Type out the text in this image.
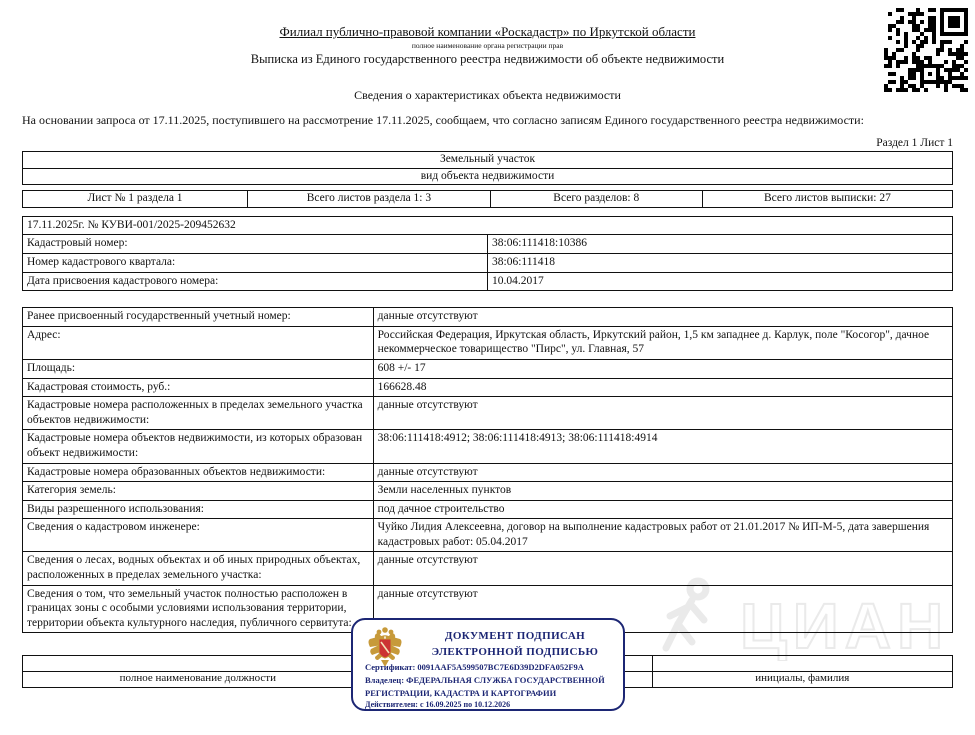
ЦИАН
Филиал публично-правовой компании «Роскадастр» по Иркутской области
полное наименование органа регистрации прав
Выписка из Единого государственного реестра недвижимости об объекте недвижимости
Сведения о характеристиках объекта недвижимости
На основании запроса от 17.11.2025, поступившего на рассмотрение 17.11.2025, сообщаем, что согласно записям Единого государственного реестра недвижимости:
Раздел 1 Лист 1
Земельный участок
вид объекта недвижимости
Лист № 1 раздела 1	Всего листов раздела 1: 3	Всего разделов: 8	Всего листов выписки: 27
17.11.2025г. № КУВИ-001/2025-209452632	
Кадастровый номер:	38:06:111418:10386
Номер кадастрового квартала:	38:06:111418
Дата присвоения кадастрового номера:	10.04.2017
Ранее присвоенный государственный учетный номер:	данные отсутствуют
Адрес:	Российская Федерация, Иркутская область, Иркутский район, 1,5 км западнее д. Карлук, поле "Косогор", дачное некоммерческое товарищество "Пирс", ул. Главная, 57
Площадь:	608 +/- 17
Кадастровая стоимость, руб.:	166628.48
Кадастровые номера расположенных в пределах земельного участка объектов недвижимости:	данные отсутствуют
Кадастровые номера объектов недвижимости, из которых образован объект недвижимости:	38:06:111418:4912; 38:06:111418:4913; 38:06:111418:4914
Кадастровые номера образованных объектов недвижимости:	данные отсутствуют
Категория земель:	Земли населенных пунктов
Виды разрешенного использования:	под дачное строительство
Сведения о кадастровом инженере:	Чуйко Лидия Алексеевна, договор на выполнение кадастровых работ от 21.01.2017 № ИП-М-5, дата завершения кадастровых работ: 05.04.2017
Сведения о лесах, водных объектах и об иных природных объектах, расположенных в пределах земельного участка:	данные отсутствуют
Сведения о том, что земельный участок полностью расположен в границах зоны с особыми условиями использования территории, территории объекта культурного наследия, публичного сервитута:	данные отсутствуют

полное наименование должности		инициалы, фамилия
ДОКУМЕНТ ПОДПИСАН
ЭЛЕКТРОННОЙ ПОДПИСЬЮ
Сертификат: 0091AAF5A599507BC7E6D39D2DFA052F9A
Владелец: ФЕДЕРАЛЬНАЯ СЛУЖБА ГОСУДАРСТВЕННОЙ РЕГИСТРАЦИИ, КАДАСТРА И КАРТОГРАФИИ
Действителен: с 16.09.2025 по 10.12.2026
